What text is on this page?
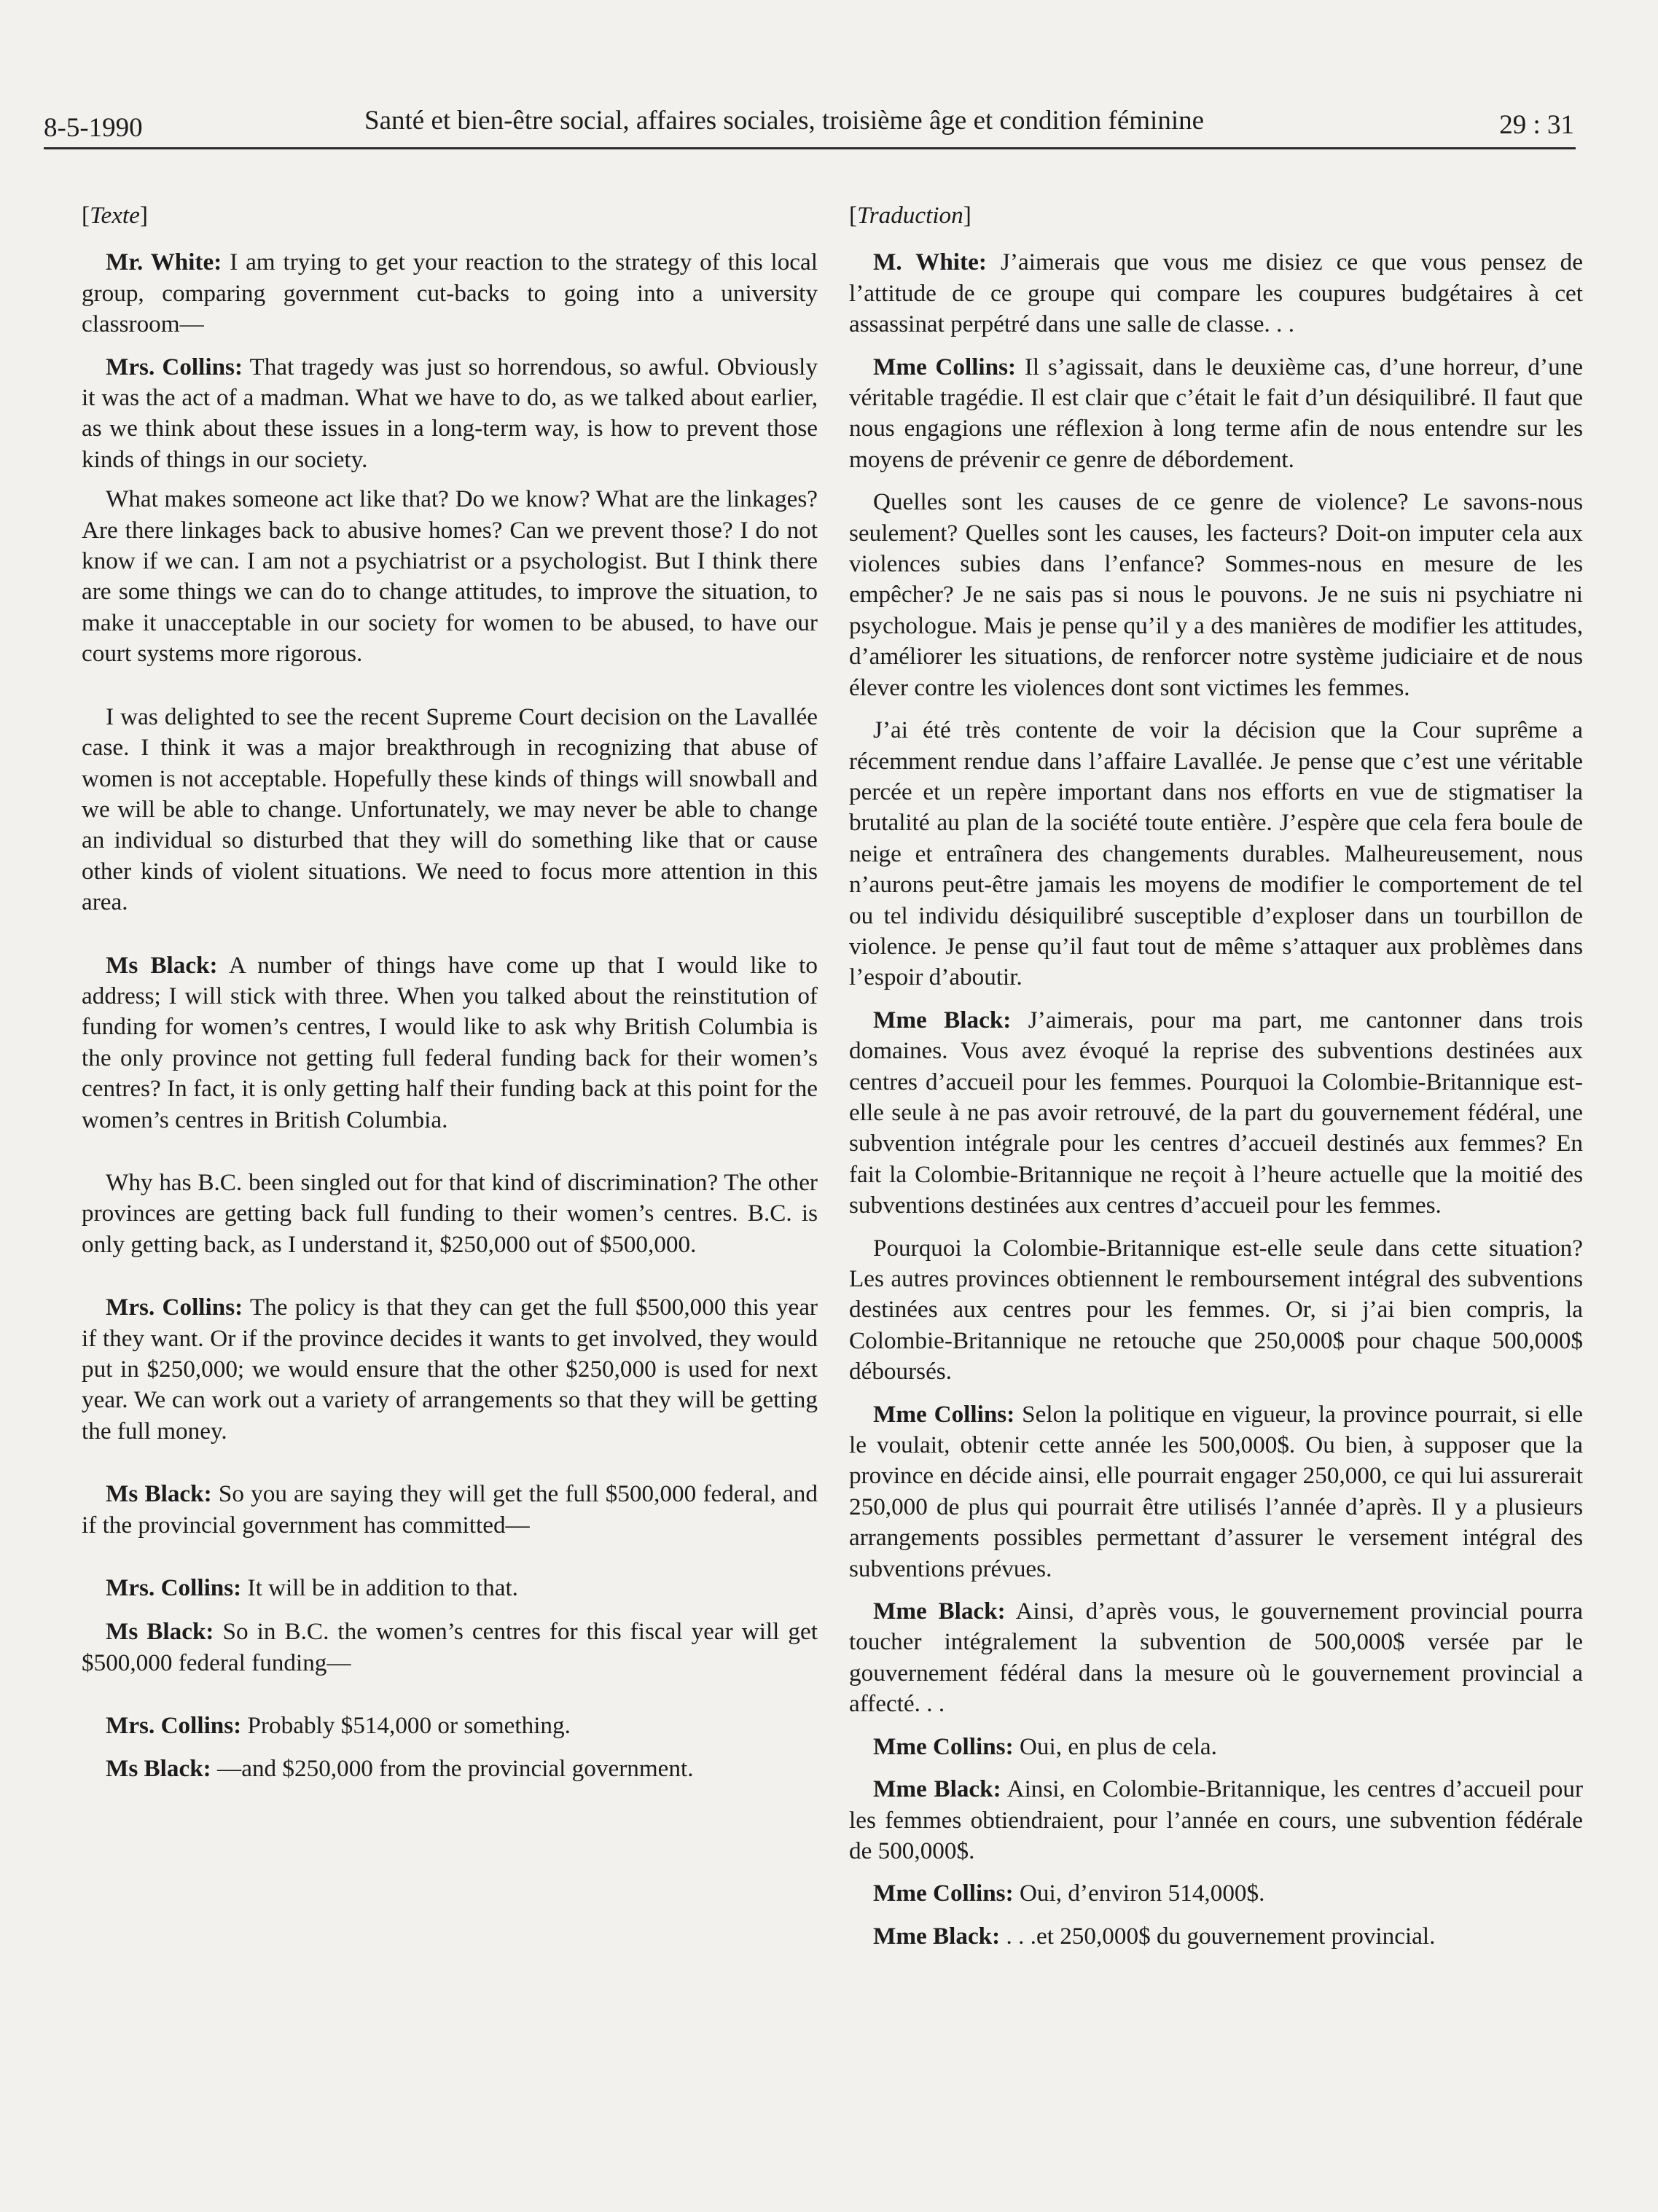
8-5-1990	Santé et bien-être social, affaires sociales, troisième âge et condition féminine	29 : 31
[Texte]

Mr. White: I am trying to get your reaction to the strategy of this local group, comparing government cut-backs to going into a university classroom—

Mrs. Collins: That tragedy was just so horrendous, so awful. Obviously it was the act of a madman. What we have to do, as we talked about earlier, as we think about these issues in a long-term way, is how to prevent those kinds of things in our society.

What makes someone act like that? Do we know? What are the linkages? Are there linkages back to abusive homes? Can we prevent those? I do not know if we can. I am not a psychiatrist or a psychologist. But I think there are some things we can do to change attitudes, to improve the situation, to make it unacceptable in our society for women to be abused, to have our court systems more rigorous.

I was delighted to see the recent Supreme Court decision on the Lavallée case. I think it was a major breakthrough in recognizing that abuse of women is not acceptable. Hopefully these kinds of things will snowball and we will be able to change. Unfortunately, we may never be able to change an individual so disturbed that they will do something like that or cause other kinds of violent situations. We need to focus more attention in this area.

Ms Black: A number of things have come up that I would like to address; I will stick with three. When you talked about the reinstitution of funding for women’s centres, I would like to ask why British Columbia is the only province not getting full federal funding back for their women’s centres? In fact, it is only getting half their funding back at this point for the women’s centres in British Columbia.

Why has B.C. been singled out for that kind of discrimination? The other provinces are getting back full funding to their women’s centres. B.C. is only getting back, as I understand it, $250,000 out of $500,000.

Mrs. Collins: The policy is that they can get the full $500,000 this year if they want. Or if the province decides it wants to get involved, they would put in $250,000; we would ensure that the other $250,000 is used for next year. We can work out a variety of arrangements so that they will be getting the full money.

Ms Black: So you are saying they will get the full $500,000 federal, and if the provincial government has committed—

Mrs. Collins: It will be in addition to that.

Ms Black: So in B.C. the women’s centres for this fiscal year will get $500,000 federal funding—

Mrs. Collins: Probably $514,000 or something.

Ms Black: —and $250,000 from the provincial government.

[Traduction]

M. White: J’aimerais que vous me disiez ce que vous pensez de l’attitude de ce groupe qui compare les coupures budgétaires à cet assassinat perpétré dans une salle de classe. . .

Mme Collins: Il s’agissait, dans le deuxième cas, d’une horreur, d’une véritable tragédie. Il est clair que c’était le fait d’un désiquilibré. Il faut que nous engagions une réflexion à long terme afin de nous entendre sur les moyens de prévenir ce genre de débordement.

Quelles sont les causes de ce genre de violence? Le savons-nous seulement? Quelles sont les causes, les facteurs? Doit-on imputer cela aux violences subies dans l’enfance? Sommes-nous en mesure de les empêcher? Je ne sais pas si nous le pouvons. Je ne suis ni psychiatre ni psychologue. Mais je pense qu’il y a des manières de modifier les attitudes, d’améliorer les situations, de renforcer notre système judiciaire et de nous élever contre les violences dont sont victimes les femmes.

J’ai été très contente de voir la décision que la Cour suprême a récemment rendue dans l’affaire Lavallée. Je pense que c’est une véritable percée et un repère important dans nos efforts en vue de stigmatiser la brutalité au plan de la société toute entière. J’espère que cela fera boule de neige et entraînera des changements durables. Malheureusement, nous n’aurons peut-être jamais les moyens de modifier le comportement de tel ou tel individu désiquilibré susceptible d’exploser dans un tourbillon de violence. Je pense qu’il faut tout de même s’attaquer aux problèmes dans l’espoir d’aboutir.

Mme Black: J’aimerais, pour ma part, me cantonner dans trois domaines. Vous avez évoqué la reprise des subventions destinées aux centres d’accueil pour les femmes. Pourquoi la Colombie-Britannique est-elle seule à ne pas avoir retrouvé, de la part du gouvernement fédéral, une subvention intégrale pour les centres d’accueil destinés aux femmes? En fait la Colombie-Britannique ne reçoit à l’heure actuelle que la moitié des subventions destinées aux centres d’accueil pour les femmes.

Pourquoi la Colombie-Britannique est-elle seule dans cette situation? Les autres provinces obtiennent le remboursement intégral des subventions destinées aux centres pour les femmes. Or, si j’ai bien compris, la Colombie-Britannique ne retouche que 250,000$ pour chaque 500,000$ déboursés.

Mme Collins: Selon la politique en vigueur, la province pourrait, si elle le voulait, obtenir cette année les 500,000$. Ou bien, à supposer que la province en décide ainsi, elle pourrait engager 250,000, ce qui lui assurerait 250,000 de plus qui pourrait être utilisés l’année d’après. Il y a plusieurs arrangements possibles permettant d’assurer le versement intégral des subventions prévues.

Mme Black: Ainsi, d’après vous, le gouvernement provincial pourra toucher intégralement la subvention de 500,000$ versée par le gouvernement fédéral dans la mesure où le gouvernement provincial a affecté. . .

Mme Collins: Oui, en plus de cela.

Mme Black: Ainsi, en Colombie-Britannique, les centres d’accueil pour les femmes obtiendraient, pour l’année en cours, une subvention fédérale de 500,000$.

Mme Collins: Oui, d’environ 514,000$.

Mme Black: . . .et 250,000$ du gouvernement provincial.
